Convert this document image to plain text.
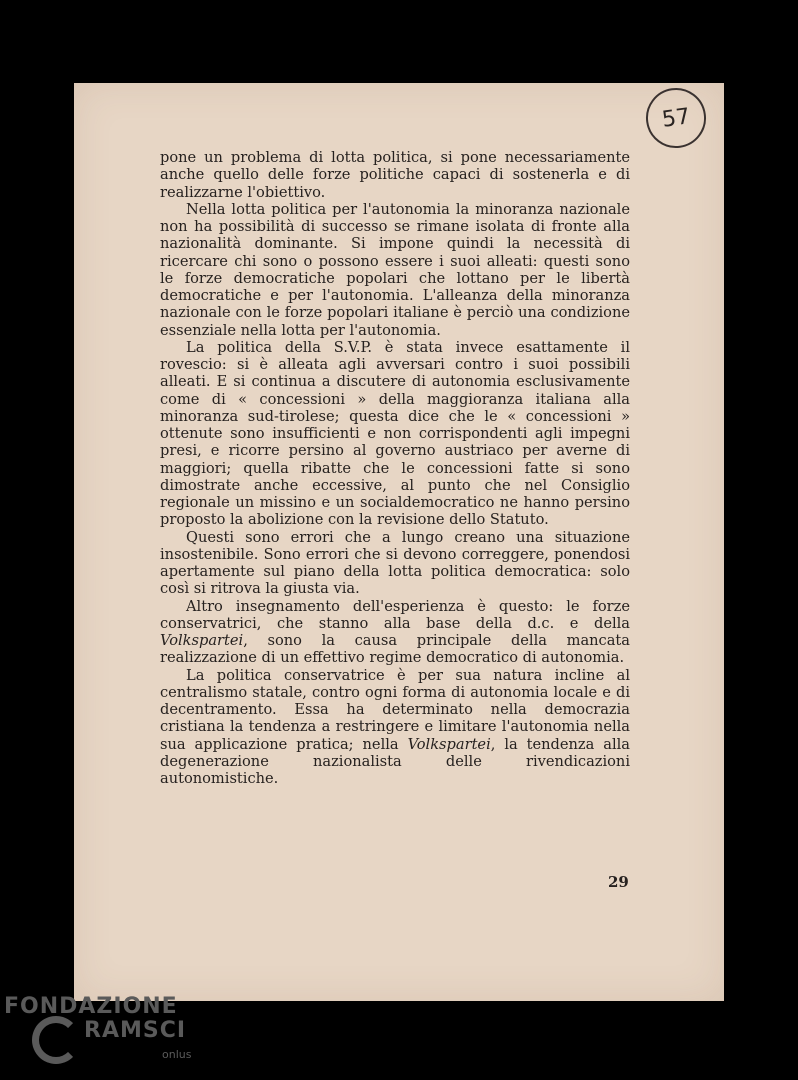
57

pone un problema di lotta politica, si pone necessariamente anche quello delle forze politiche capaci di sostenerla e di realizzarne l'obiettivo.

Nella lotta politica per l'autonomia la minoranza nazionale non ha possibilità di successo se rimane isolata di fronte alla nazionalità dominante. Si impone quindi la necessità di ricercare chi sono o possono essere i suoi alleati: questi sono le forze democratiche popolari che lottano per le libertà democratiche e per l'autonomia. L'alleanza della minoranza nazionale con le forze popolari italiane è perciò una condizione essenziale nella lotta per l'autonomia.

La politica della S.V.P. è stata invece esattamente il rovescio: si è alleata agli avversari contro i suoi possibili alleati. E si continua a discutere di autonomia esclusivamente come di « concessioni » della maggioranza italiana alla minoranza sud-tirolese; questa dice che le « concessioni » ottenute sono insufficienti e non corrispondenti agli impegni presi, e ricorre persino al governo austriaco per averne di maggiori; quella ribatte che le concessioni fatte si sono dimostrate anche eccessive, al punto che nel Consiglio regionale un missino e un socialdemocratico ne hanno persino proposto la abolizione con la revisione dello Statuto.

Questi sono errori che a lungo creano una situazione insostenibile. Sono errori che si devono correggere, ponendosi apertamente sul piano della lotta politica democratica: solo così si ritrova la giusta via.

Altro insegnamento dell'esperienza è questo: le forze conservatrici, che stanno alla base della d.c. e della Volkspartei, sono la causa principale della mancata realizzazione di un effettivo regime democratico di autonomia.

La politica conservatrice è per sua natura incline al centralismo statale, contro ogni forma di autonomia locale e di decentramento. Essa ha determinato nella democrazia cristiana la tendenza a restringere e limitare l'autonomia nella sua applicazione pratica; nella Volkspartei, la tendenza alla degenerazione nazionalista delle rivendicazioni autonomistiche.

29
FONDAZIONE
RAMSCI
onlus
